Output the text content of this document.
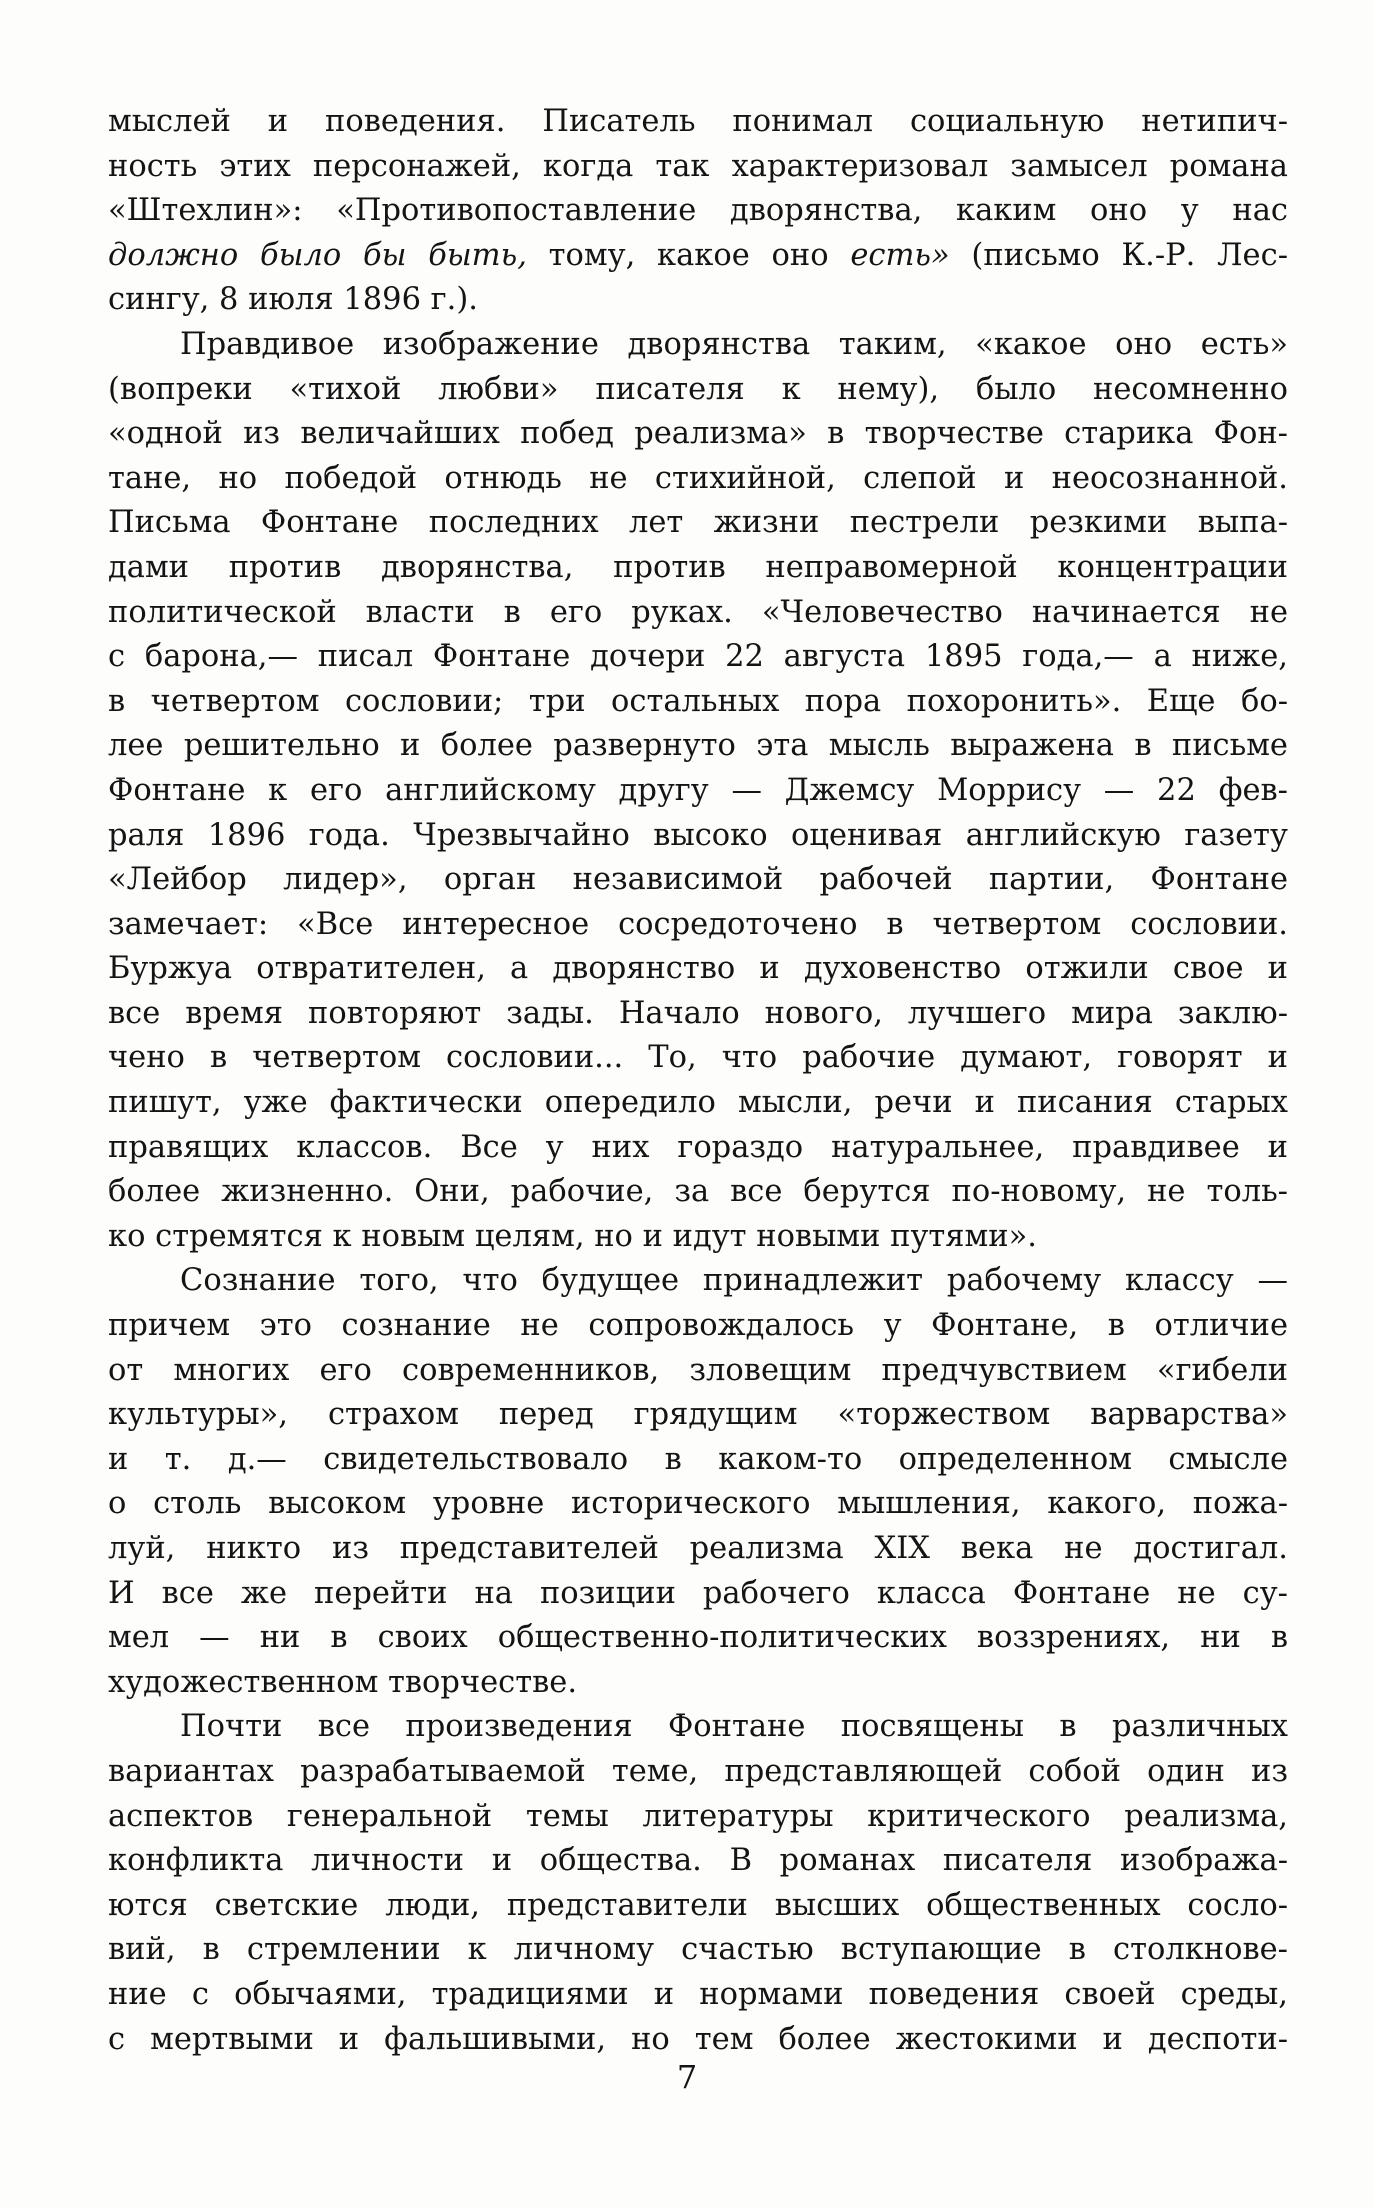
мыслей и поведения. Писатель понимал социальную нетипич-
ность этих персонажей, когда так характеризовал замысел романа
«Штехлин»: «Противопоставление дворянства, каким оно у нас
должно было бы быть, тому, какое оно есть» (письмо К.-Р. Лес-
сингу, 8 июля 1896 г.).
Правдивое изображение дворянства таким, «какое оно есть»
(вопреки «тихой любви» писателя к нему), было несомненно
«одной из величайших побед реализма» в творчестве старика Фон-
тане, но победой отнюдь не стихийной, слепой и неосознанной.
Письма Фонтане последних лет жизни пестрели резкими выпа-
дами против дворянства, против неправомерной концентрации
политической власти в его руках. «Человечество начинается не
с барона,— писал Фонтане дочери 22 августа 1895 года,— а ниже,
в четвертом сословии; три остальных пора похоронить». Еще бо-
лее решительно и более развернуто эта мысль выражена в письме
Фонтане к его английскому другу — Джемсу Моррису — 22 фев-
раля 1896 года. Чрезвычайно высоко оценивая английскую газету
«Лейбор лидер», орган независимой рабочей партии, Фонтане
замечает: «Все интересное сосредоточено в четвертом сословии.
Буржуа отвратителен, а дворянство и духовенство отжили свое и
все время повторяют зады. Начало нового, лучшего мира заклю-
чено в четвертом сословии... То, что рабочие думают, говорят и
пишут, уже фактически опередило мысли, речи и писания старых
правящих классов. Все у них гораздо натуральнее, правдивее и
более жизненно. Они, рабочие, за все берутся по-новому, не толь-
ко стремятся к новым целям, но и идут новыми путями».
Сознание того, что будущее принадлежит рабочему классу —
причем это сознание не сопровождалось у Фонтане, в отличие
от многих его современников, зловещим предчувствием «гибели
культуры», страхом перед грядущим «торжеством варварства»
и т. д.— свидетельствовало в каком-то определенном смысле
о столь высоком уровне исторического мышления, какого, пожа-
луй, никто из представителей реализма XIX века не достигал.
И все же перейти на позиции рабочего класса Фонтане не су-
мел — ни в своих общественно-политических воззрениях, ни в
художественном творчестве.
Почти все произведения Фонтане посвящены в различных
вариантах разрабатываемой теме, представляющей собой один из
аспектов генеральной темы литературы критического реализма,
конфликта личности и общества. В романах писателя изобража-
ются светские люди, представители высших общественных сосло-
вий, в стремлении к личному счастью вступающие в столкнове-
ние с обычаями, традициями и нормами поведения своей среды,
с мертвыми и фальшивыми, но тем более жестокими и деспоти-
7
